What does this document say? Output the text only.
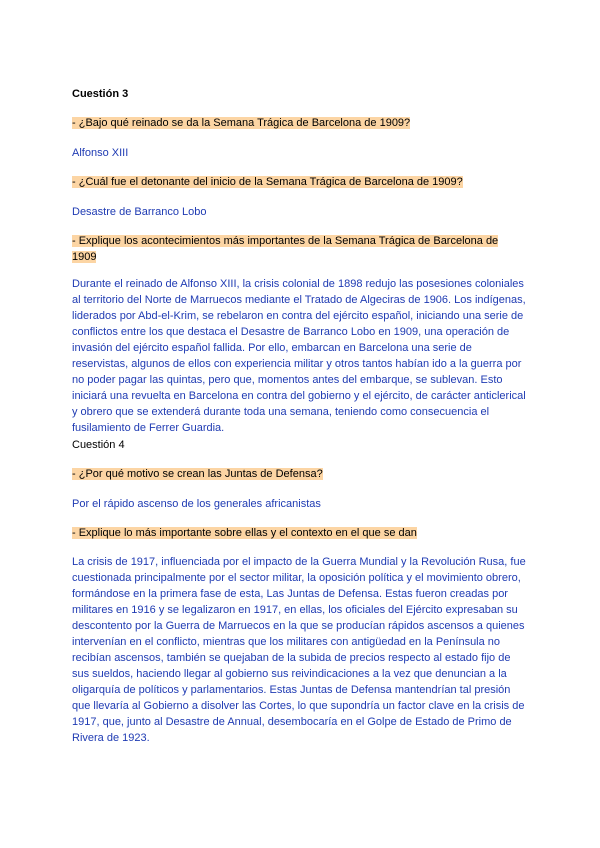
Cuestión 3
- ¿Bajo qué reinado se da la Semana Trágica de Barcelona de 1909?
Alfonso XIII
- ¿Cuál fue el detonante del inicio de la Semana Trágica de Barcelona de 1909?
Desastre de Barranco Lobo
- Explique los acontecimientos más importantes de la Semana Trágica de Barcelona de
1909
Durante el reinado de Alfonso XIII, la crisis colonial de 1898 redujo las posesiones coloniales al territorio del Norte de Marruecos mediante el Tratado de Algeciras de 1906. Los indígenas, liderados por Abd-el-Krim, se rebelaron en contra del ejército español, iniciando una serie de conflictos entre los que destaca el Desastre de Barranco Lobo en 1909, una operación de invasión del ejército español fallida. Por ello, embarcan en Barcelona una serie de reservistas, algunos de ellos con experiencia militar y otros tantos habían ido a la guerra por no poder pagar las quintas, pero que, momentos antes del embarque, se sublevan. Esto iniciará una revuelta en Barcelona en contra del gobierno y el ejército, de carácter anticlerical y obrero que se extenderá durante toda una semana, teniendo como consecuencia el fusilamiento de Ferrer Guardia.
Cuestión 4
- ¿Por qué motivo se crean las Juntas de Defensa?
Por el rápido ascenso de los generales africanistas
- Explique lo más importante sobre ellas y el contexto en el que se dan
La crisis de 1917, influenciada por el impacto de la Guerra Mundial y la Revolución Rusa, fue cuestionada principalmente por el sector militar, la oposición política y el movimiento obrero, formándose en la primera fase de esta, Las Juntas de Defensa. Estas fueron creadas por militares en 1916 y se legalizaron en 1917, en ellas, los oficiales del Ejército expresaban su descontento por la Guerra de Marruecos en la que se producían rápidos ascensos a quienes intervenían en el conflicto, mientras que los militares con antigüedad en la Península no recibían ascensos, también se quejaban de la subida de precios respecto al estado fijo de sus sueldos, haciendo llegar al gobierno sus reivindicaciones a la vez que denuncian a la oligarquía de políticos y parlamentarios. Estas Juntas de Defensa mantendrían tal presión que llevaría al Gobierno a disolver las Cortes, lo que supondría un factor clave en la crisis de 1917, que, junto al Desastre de Annual, desembocaría en el Golpe de Estado de Primo de Rivera de 1923.
